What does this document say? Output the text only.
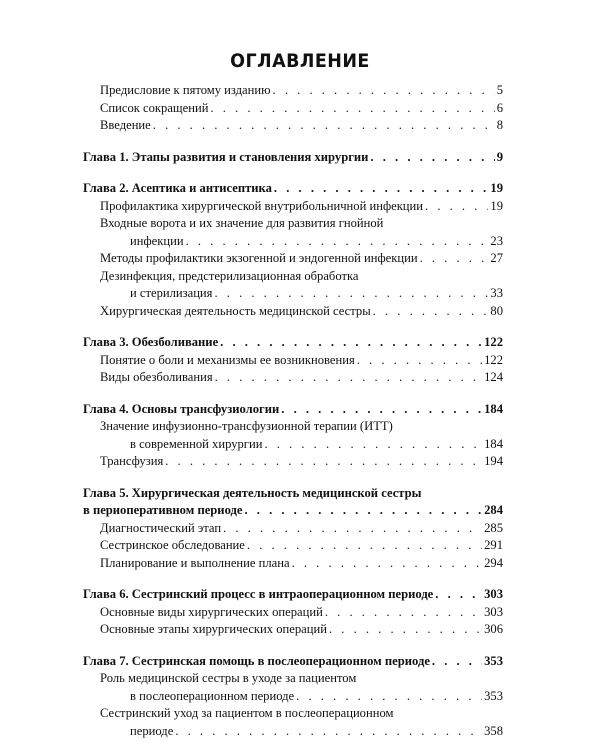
ОГЛАВЛЕНИЕ
Предисловие к пятому изданию . . .	5
Список сокращений . . .	6
Введение . . .	8
Глава 1. Этапы развития и становления хирургии . . .	9
Глава 2. Асептика и антисептика . . .	19
Профилактика хирургической внутрибольничной инфекции . . .	19
Входные ворота и их значение для развития гнойной
инфекции . . .	23
Методы профилактики экзогенной и эндогенной инфекции . . .	27
Дезинфекция, предстерилизационная обработка
и стерилизация . . .	33
Хирургическая деятельность медицинской сестры . . .	80
Глава 3. Обезболивание . . .	122
Понятие о боли и механизмы ее возникновения . . .	122
Виды обезболивания . . .	124
Глава 4. Основы трансфузиологии . . .	184
Значение инфузионно-трансфузионной терапии (ИТТ)
в современной хирургии . . .	184
Трансфузия . . .	194
Глава 5. Хирургическая деятельность медицинской сестры
в периоперативном периоде . . .	284
Диагностический этап . . .	285
Сестринское обследование . . .	291
Планирование и выполнение плана . . .	294
Глава 6. Сестринский процесс в интраоперационном периоде . . .	303
Основные виды хирургических операций . . .	303
Основные этапы хирургических операций . . .	306
Глава 7. Сестринская помощь в послеоперационном периоде . . .	353
Роль медицинской сестры в уходе за пациентом
в послеоперационном периоде . . .	353
Сестринский уход за пациентом в послеоперационном
периоде . . .	358
